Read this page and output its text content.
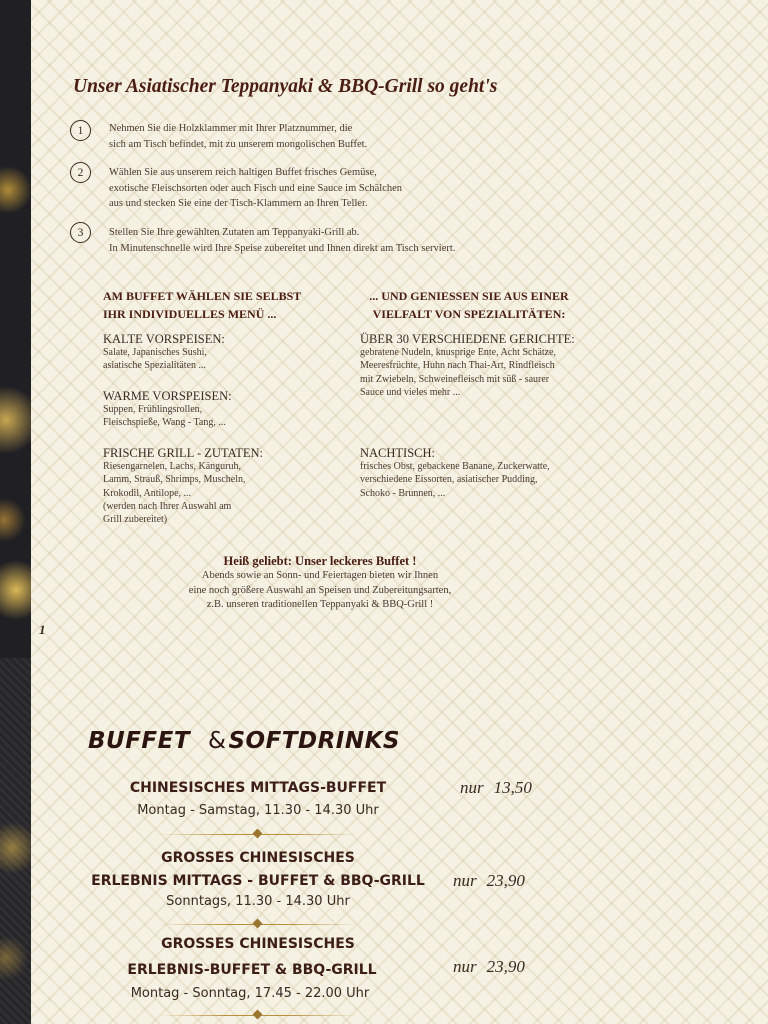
Unser Asiatischer Teppanyaki & BBQ-Grill so geht's
1	Nehmen Sie die Holzklammer mit Ihrer Platznummer, die
sich am Tisch befindet, mit zu unserem mongolischen Buffet.

2	Wählen Sie aus unserem reich haltigen Buffet frisches Gemüse,
exotische Fleischsorten oder auch Fisch und eine Sauce im Schälchen
aus und stecken Sie eine der Tisch-Klammern an Ihren Teller.

3	Stellen Sie Ihre gewählten Zutaten am Teppanyaki-Grill ab.
In Minutenschnelle wird Ihre Speise zubereitet und Ihnen direkt am Tisch serviert.

AM BUFFET WÄHLEN SIE SELBST
IHR INDIVIDUELLES MENÜ ...
KALTE VORSPEISEN:

Salate, Japanisches Sushi,
asiatische Spezialitäten ...

WARME VORSPEISEN:

Suppen, Frühlingsrollen,
Fleischspieße, Wang - Tang, ...

FRISCHE GRILL - ZUTATEN:

Riesengarnelen, Lachs, Känguruh,
Lamm, Strauß, Shrimps, Muscheln,
Krokodil, Antilope, ...
(werden nach Ihrer Auswahl am
Grill zubereitet)

... UND GENIESSEN SIE AUS EINER
VIELFALT VON SPEZIALITÄTEN:
ÜBER 30 VERSCHIEDENE GERICHTE:

gebratene Nudeln, knusprige Ente, Acht Schätze,
Meeresfrüchte, Huhn nach Thai-Art, Rindfleisch
mit Zwiebeln, Schweinefleisch mit süß - saurer
Sauce und vieles mehr ...

NACHTISCH:

frisches Obst, gebackene Banane, Zuckerwatte,
verschiedene Eissorten, asiatischer Pudding,
Schoko - Brunnen, ...

Heiß geliebt: Unser leckeres Buffet !
Abends sowie an Sonn- und Feiertagen bieten wir Ihnen
eine noch größere Auswahl an Speisen und Zubereitungsarten,
z.B. unseren traditionellen Teppanyaki & BBQ-Grill !
1
BUFFET &SOFTDRINKS
CHINESISCHES MITTAGS-BUFFET
Montag - Samstag, 11.30 - 14.30 Uhr
nur 13,50
GROSSES CHINESISCHES
ERLEBNIS MITTAGS - BUFFET & BBQ-GRILL
Sonntags, 11.30 - 14.30 Uhr
nur 23,90
GROSSES CHINESISCHES
ERLEBNIS-BUFFET & BBQ-GRILL
Montag - Sonntag, 17.45 - 22.00 Uhr
nur 23,90
